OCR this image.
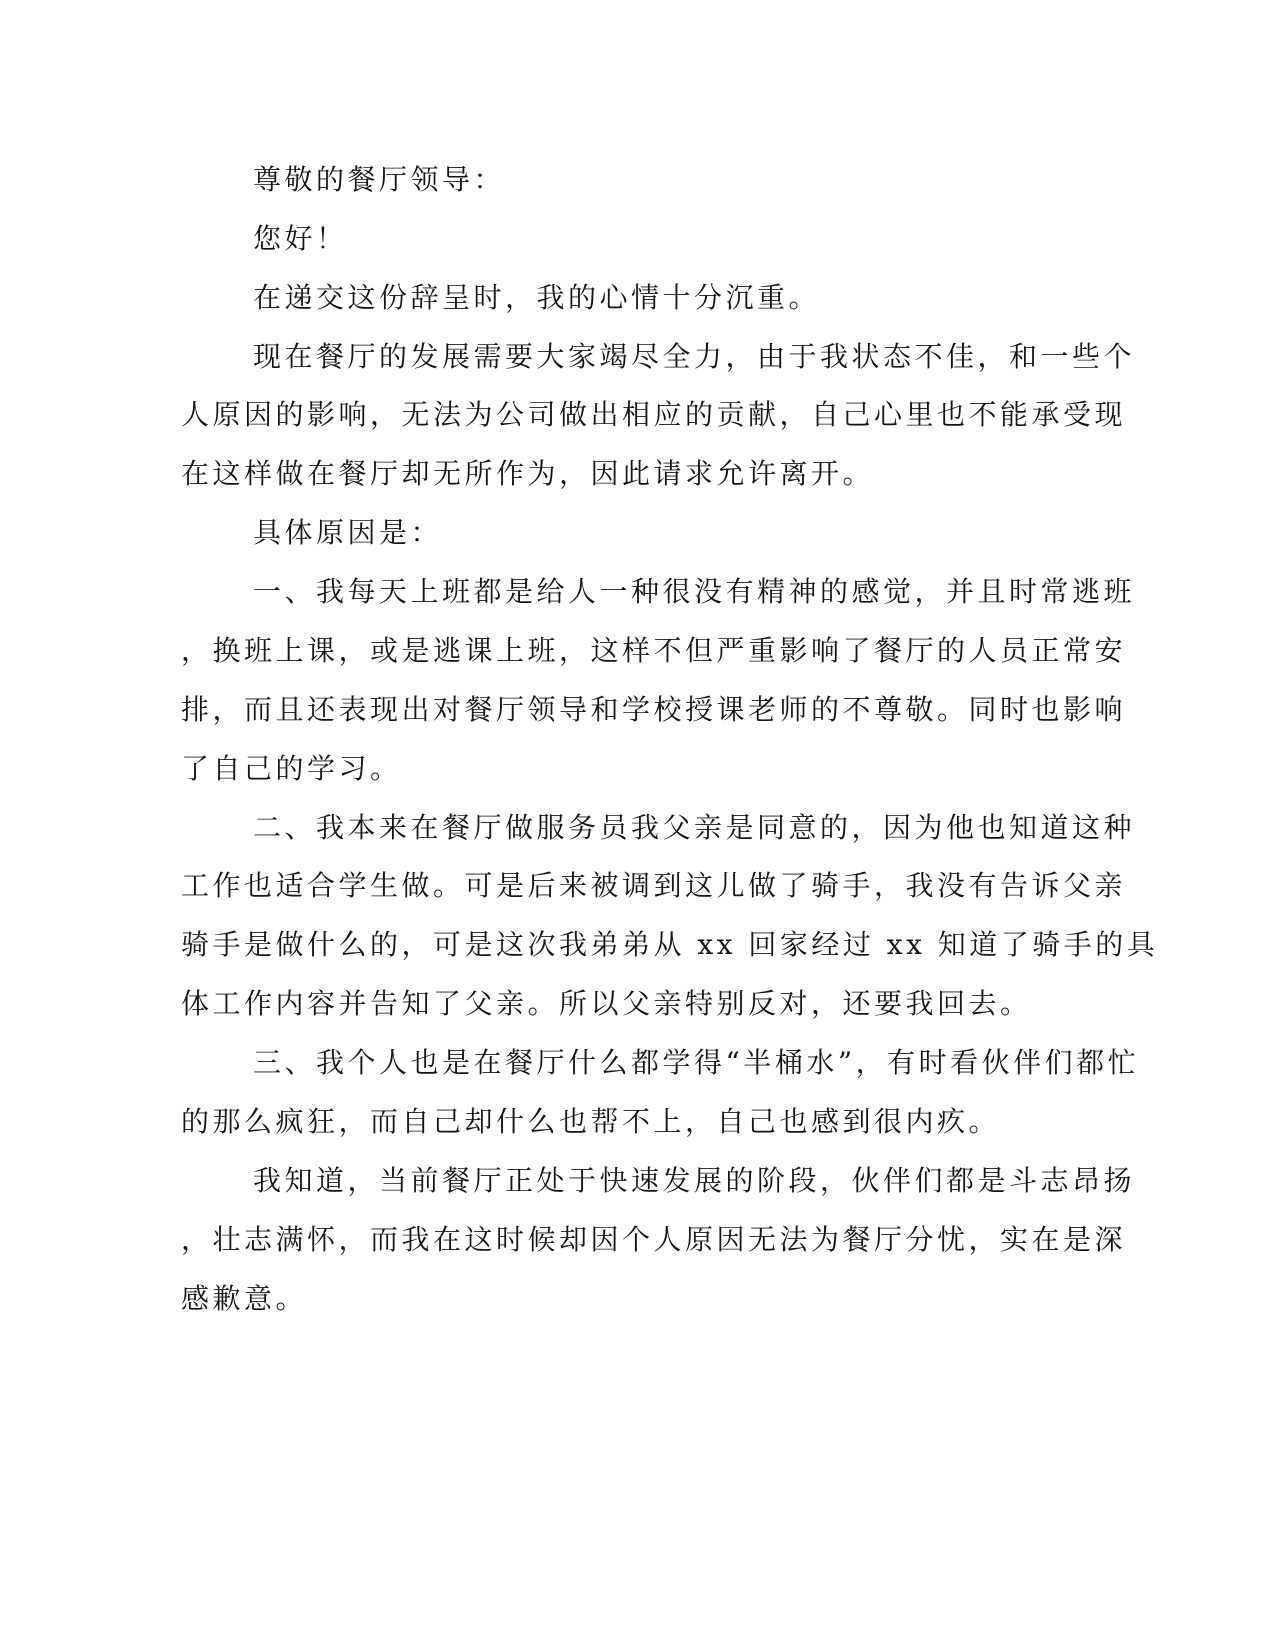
尊敬的餐厅领导：

您好！

在递交这份辞呈时，我的心情十分沉重。

现在餐厅的发展需要大家竭尽全力，由于我状态不佳，和一些个

人原因的影响，无法为公司做出相应的贡献，自己心里也不能承受现

在这样做在餐厅却无所作为，因此请求允许离开。

具体原因是：

一、我每天上班都是给人一种很没有精神的感觉，并且时常逃班

，换班上课，或是逃课上班，这样不但严重影响了餐厅的人员正常安

排，而且还表现出对餐厅领导和学校授课老师的不尊敬。同时也影响

了自己的学习。

二、我本来在餐厅做服务员我父亲是同意的，因为他也知道这种

工作也适合学生做。可是后来被调到这儿做了骑手，我没有告诉父亲

骑手是做什么的，可是这次我弟弟从 xx 回家经过 xx 知道了骑手的具

体工作内容并告知了父亲。所以父亲特别反对，还要我回去。

三、我个人也是在餐厅什么都学得“半桶水”，有时看伙伴们都忙

的那么疯狂，而自己却什么也帮不上，自己也感到很内疚。

我知道，当前餐厅正处于快速发展的阶段，伙伴们都是斗志昂扬

，壮志满怀，而我在这时候却因个人原因无法为餐厅分忧，实在是深

感歉意。
